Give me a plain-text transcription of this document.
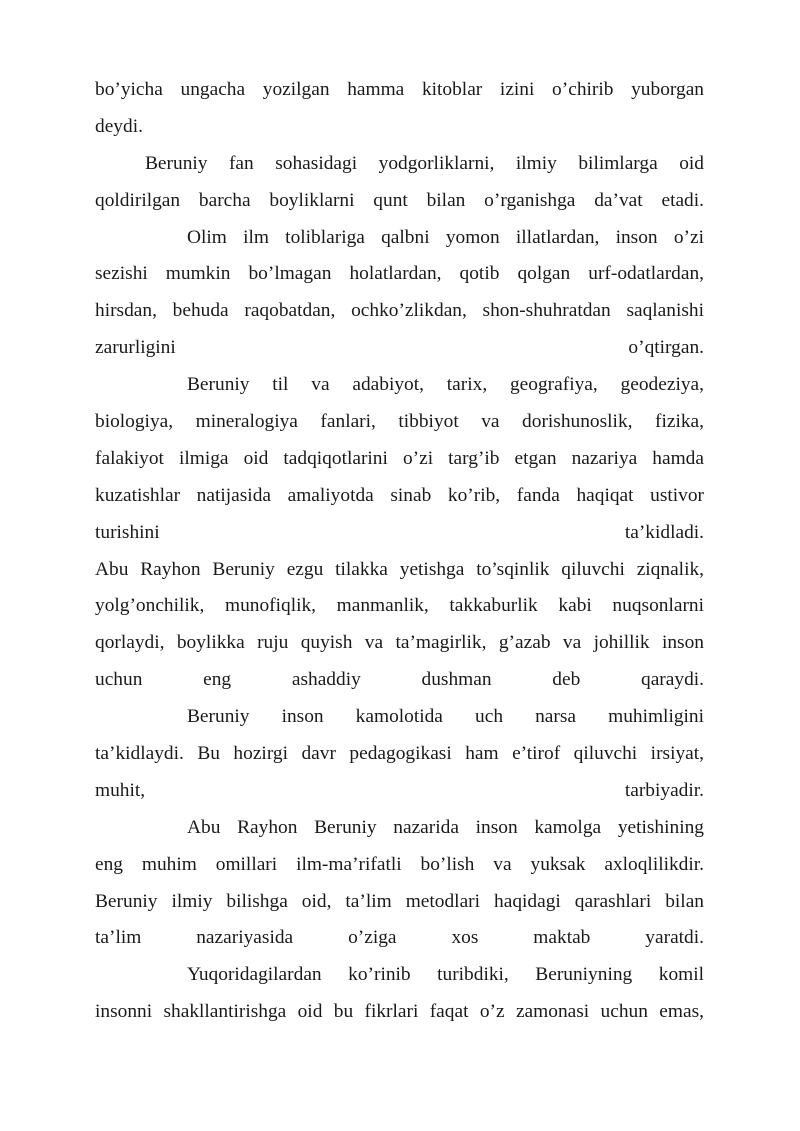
bo’yicha ungacha yozilgan hamma kitoblar izini o’chirib yuborgan
deydi.
Beruniy fan sohasidagi yodgorliklarni, ilmiy bilimlarga oid
qoldirilgan barcha boyliklarni qunt bilan o’rganishga da’vat etadi.
Olim ilm toliblariga qalbni yomon illatlardan, inson o’zi
sezishi mumkin bo’lmagan holatlardan, qotib qolgan urf-odatlardan,
hirsdan, behuda raqobatdan, ochko’zlikdan, shon-shuhratdan saqlanishi
zarurligini o’qtirgan.
Beruniy til va adabiyot, tarix, geografiya, geodeziya,
biologiya, mineralogiya fanlari, tibbiyot va dorishunoslik, fizika,
falakiyot ilmiga oid tadqiqotlarini o’zi targ’ib etgan nazariya hamda
kuzatishlar natijasida amaliyotda sinab ko’rib, fanda haqiqat ustivor
turishini ta’kidladi.
Abu Rayhon Beruniy ezgu tilakka yetishga to’sqinlik qiluvchi ziqnalik,
yolg’onchilik, munofiqlik, manmanlik, takkaburlik kabi nuqsonlarni
qorlaydi, boylikka ruju quyish va ta’magirlik, g’azab va johillik inson
uchun eng ashaddiy dushman deb qaraydi.
Beruniy inson kamolotida uch narsa muhimligini
ta’kidlaydi. Bu hozirgi davr pedagogikasi ham e’tirof qiluvchi irsiyat,
muhit, tarbiyadir.
Abu Rayhon Beruniy nazarida inson kamolga yetishining
eng muhim omillari ilm-ma’rifatli bo’lish va yuksak axloqlilikdir.
Beruniy ilmiy bilishga oid, ta’lim metodlari haqidagi qarashlari bilan
ta’lim nazariyasida o’ziga xos maktab yaratdi.
Yuqoridagilardan ko’rinib turibdiki, Beruniyning komil
insonni shakllantirishga oid bu fikrlari faqat o’z zamonasi uchun emas,
